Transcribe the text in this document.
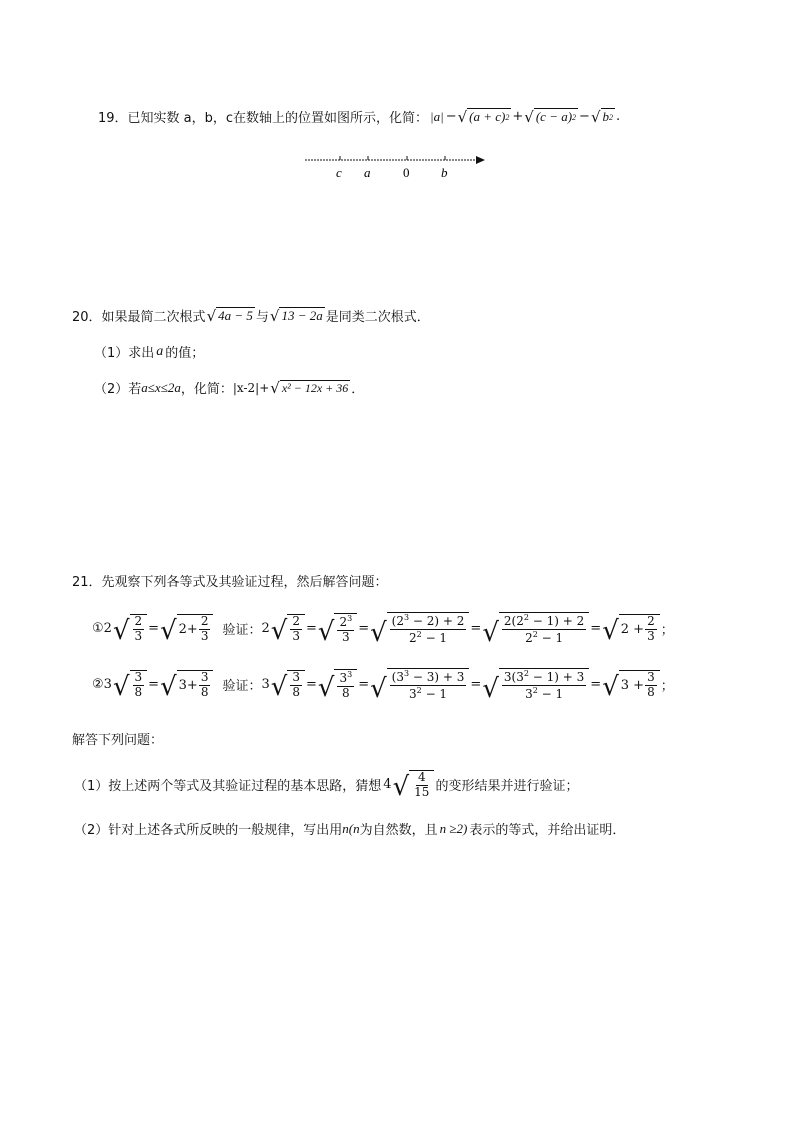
19． 已知实数 a，b，c在数轴上的位置如图所示，化简： |a| − √ (a + c) 2 + √ (c − a) 2 − √ b 2 .
c a	0 b
20． 如果最简二次根式 √ 4a − 5 与 √ 13 − 2a 是同类二次根式．
（1） 求出 a 的值；
（2） 若 a≤x≤2a ，化简： |x-2|+ √ x² − 12x + 36 ．
21． 先观察下列各等式及其验证过程，然后解答问题：
① 2 √ $\frac{2}{3}$ = √ $2+ \frac{2}{3}$ 验证： 2 √ $\frac{2}{3}$ = √ $\frac{2^3}{3}$ = √ $\frac{(2^3 - 2) + 2}{2^2 - 1}$ = √ $\frac{2(2^2 - 1) + 2}{2^2 - 1}$ = √ $2 + \frac{2}{3}$ ；
② 3 √ $\frac{3}{8}$ = √ $3+ \frac{3}{8}$ 验证： 3 √ $\frac{3}{8}$ = √ $\frac{3^3}{8}$ = √ $\frac{(3^3 - 3) + 3}{3^2 - 1}$ = √ $\frac{3(3^2 - 1) + 3}{3^2 - 1}$ = √ $3 + \frac{3}{8}$ ；
解答下列问题：
（1） 按上述两个等式及其验证过程的基本思路，猜想 4 √ $\frac{4}{15}$ 的变形结果并进行验证；
（2） 针对上述各式所反映的一般规律，写出用 n(n 为自然数，且 n ≥2) 表示的等式，并给出证明．
